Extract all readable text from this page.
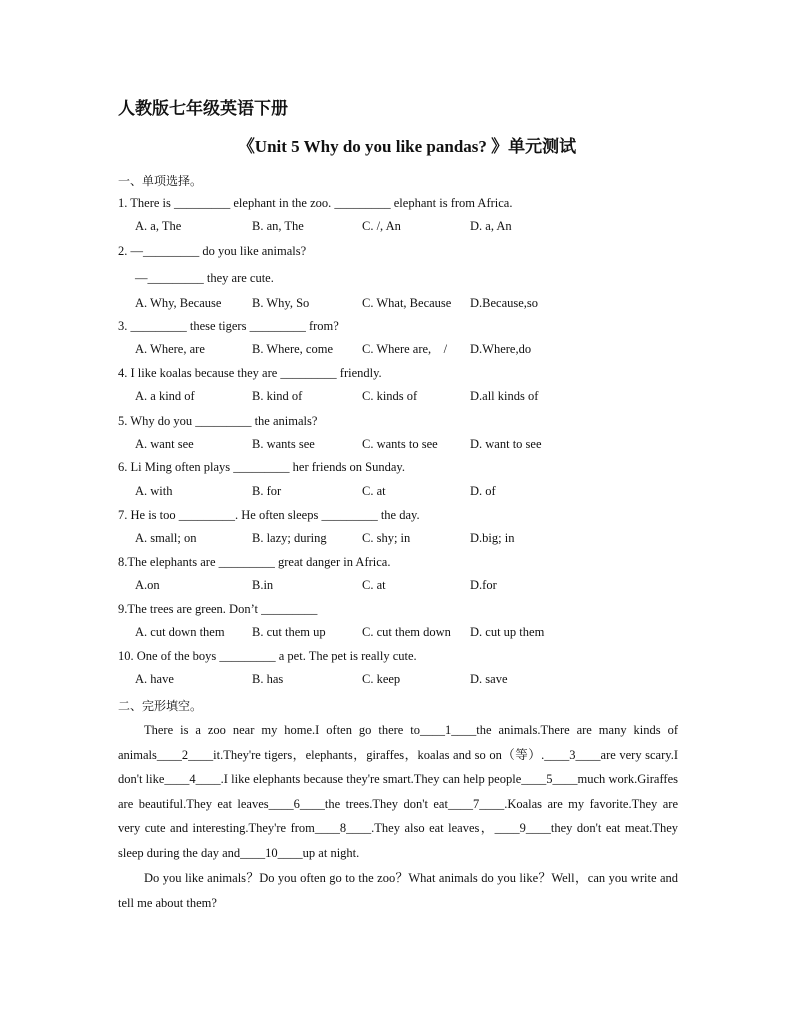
人教版七年级英语下册
《Unit 5 Why do you like pandas? 》单元测试
一、单项选择。
1. There is _________ elephant in the zoo. _________ elephant is from Africa.
A. a, The	B. an, The	C. /, An	D. a, An
2. —_________ do you like animals?
—_________ they are cute.
A. Why, Because B. Why, So	C. What, Because D.Because,so
3. _________ these tigers _________ from?
A. Where, are	B. Where, come C. Where are,    / D.Where,do
4. I like koalas because they are _________ friendly.
A. a kind of	B. kind of	C. kinds of	D.all kinds of
5. Why do you _________ the animals?
A. want see	B. wants see	C. wants to see	D. want to see
6. Li Ming often plays _________ her friends on Sunday.
A. with	B. for	C. at	D. of
7. He is too _________. He often sleeps _________ the day.
A. small; on	B. lazy; during	C. shy; in	D.big; in
8.The elephants are _________ great danger in Africa.
A.on	B.in	C. at	D.for
9.The trees are green. Don’t _________
A. cut down them B. cut them up	C. cut them down D. cut up them
10. One of the boys _________ a pet. The pet is really cute.
A. have	B. has	C. keep	D. save
二、完形填空。

There is a zoo near my home.I often go there to____1____the animals.There are many kinds of animals____2____it.They're tigers，elephants，giraffes，koalas and so on（等）.____3____are very scary.I don't like____4____.I like elephants because they're smart.They can help people____5____much work.Giraffes are beautiful.They eat leaves____6____the trees.They don't eat____7____.Koalas are my favorite.They are very cute and interesting.They're from____8____.They also eat leaves，____9____they don't eat meat.They sleep during the day and____10____up at night.

Do you like animals？Do you often go to the zoo？What animals do you like？Well，can you write and tell me about them?
